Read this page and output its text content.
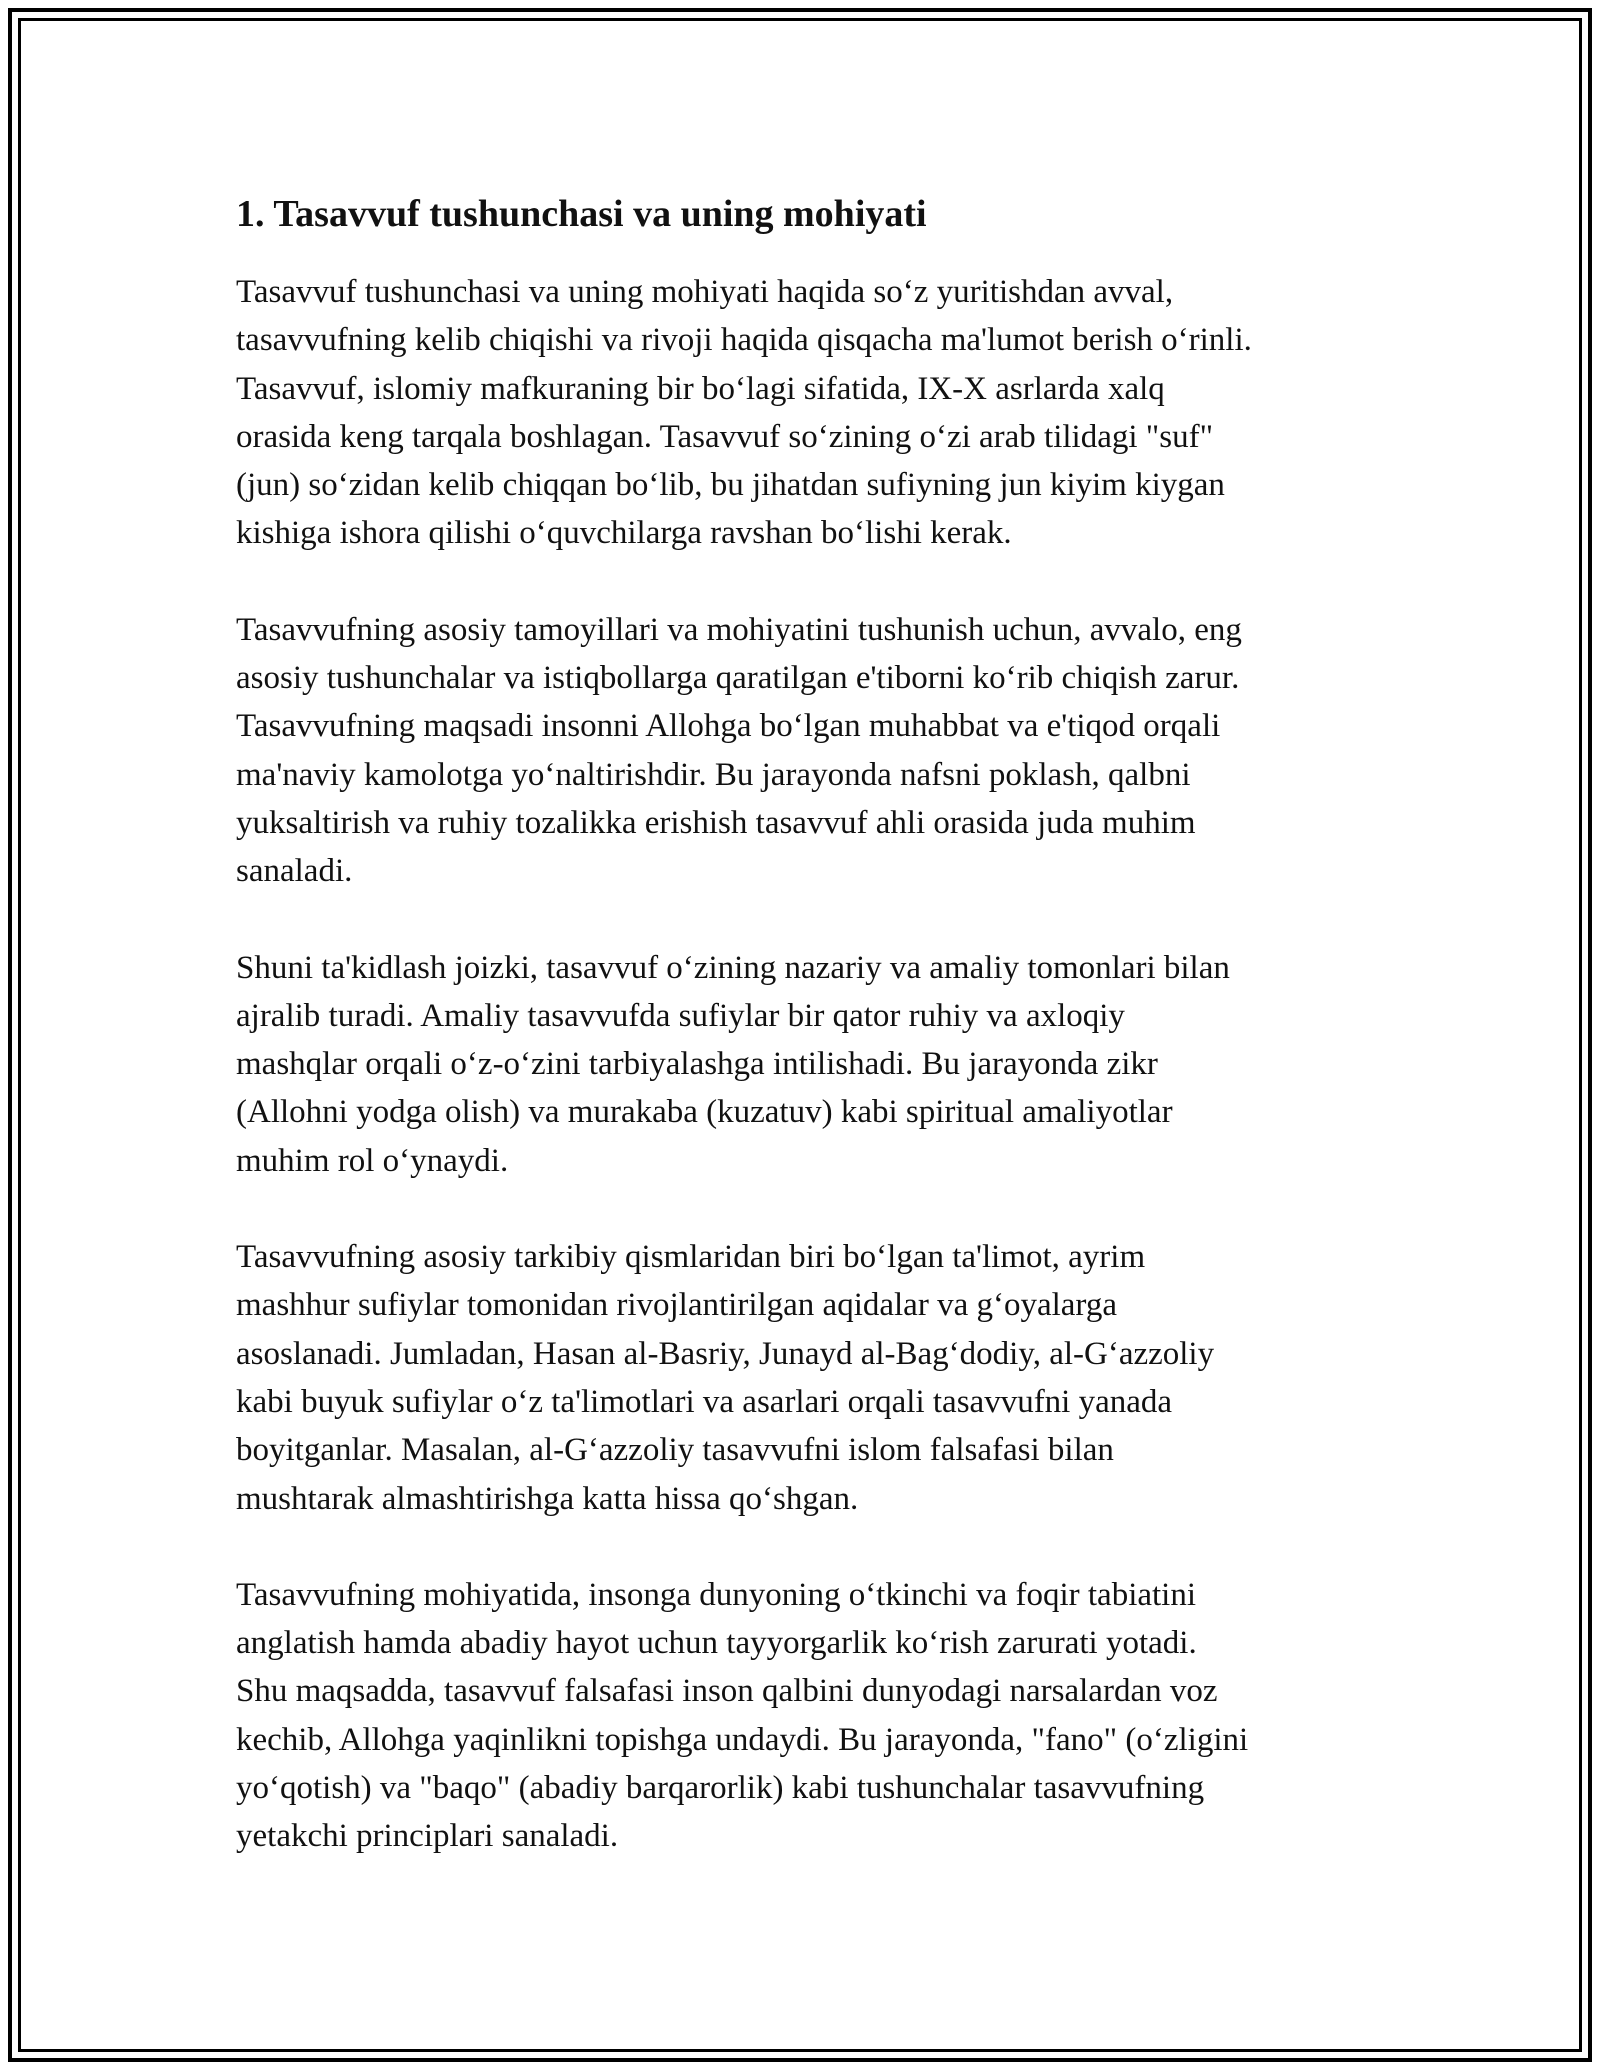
1. Tasavvuf tushunchasi va uning mohiyati

Tasavvuf tushunchasi va uning mohiyati haqida so‘z yuritishdan avval,
tasavvufning kelib chiqishi va rivoji haqida qisqacha ma'lumot berish o‘rinli.
Tasavvuf, islomiy mafkuraning bir bo‘lagi sifatida, IX-X asrlarda xalq
orasida keng tarqala boshlagan. Tasavvuf so‘zining o‘zi arab tilidagi "suf"
(jun) so‘zidan kelib chiqqan bo‘lib, bu jihatdan sufiyning jun kiyim kiygan
kishiga ishora qilishi o‘quvchilarga ravshan bo‘lishi kerak.

Tasavvufning asosiy tamoyillari va mohiyatini tushunish uchun, avvalo, eng
asosiy tushunchalar va istiqbollarga qaratilgan e'tiborni ko‘rib chiqish zarur.
Tasavvufning maqsadi insonni Allohga bo‘lgan muhabbat va e'tiqod orqali
ma'naviy kamolotga yo‘naltirishdir. Bu jarayonda nafsni poklash, qalbni
yuksaltirish va ruhiy tozalikka erishish tasavvuf ahli orasida juda muhim
sanaladi.

Shuni ta'kidlash joizki, tasavvuf o‘zining nazariy va amaliy tomonlari bilan
ajralib turadi. Amaliy tasavvufda sufiylar bir qator ruhiy va axloqiy
mashqlar orqali o‘z-o‘zini tarbiyalashga intilishadi. Bu jarayonda zikr
(Allohni yodga olish) va murakaba (kuzatuv) kabi spiritual amaliyotlar
muhim rol o‘ynaydi.

Tasavvufning asosiy tarkibiy qismlaridan biri bo‘lgan ta'limot, ayrim
mashhur sufiylar tomonidan rivojlantirilgan aqidalar va g‘oyalarga
asoslanadi. Jumladan, Hasan al-Basriy, Junayd al-Bag‘dodiy, al-G‘azzoliy
kabi buyuk sufiylar o‘z ta'limotlari va asarlari orqali tasavvufni yanada
boyitganlar. Masalan, al-G‘azzoliy tasavvufni islom falsafasi bilan
mushtarak almashtirishga katta hissa qo‘shgan.

Tasavvufning mohiyatida, insonga dunyoning o‘tkinchi va foqir tabiatini
anglatish hamda abadiy hayot uchun tayyorgarlik ko‘rish zarurati yotadi.
Shu maqsadda, tasavvuf falsafasi inson qalbini dunyodagi narsalardan voz
kechib, Allohga yaqinlikni topishga undaydi. Bu jarayonda, "fano" (o‘zligini
yo‘qotish) va "baqo" (abadiy barqarorlik) kabi tushunchalar tasavvufning
yetakchi principlari sanaladi.
